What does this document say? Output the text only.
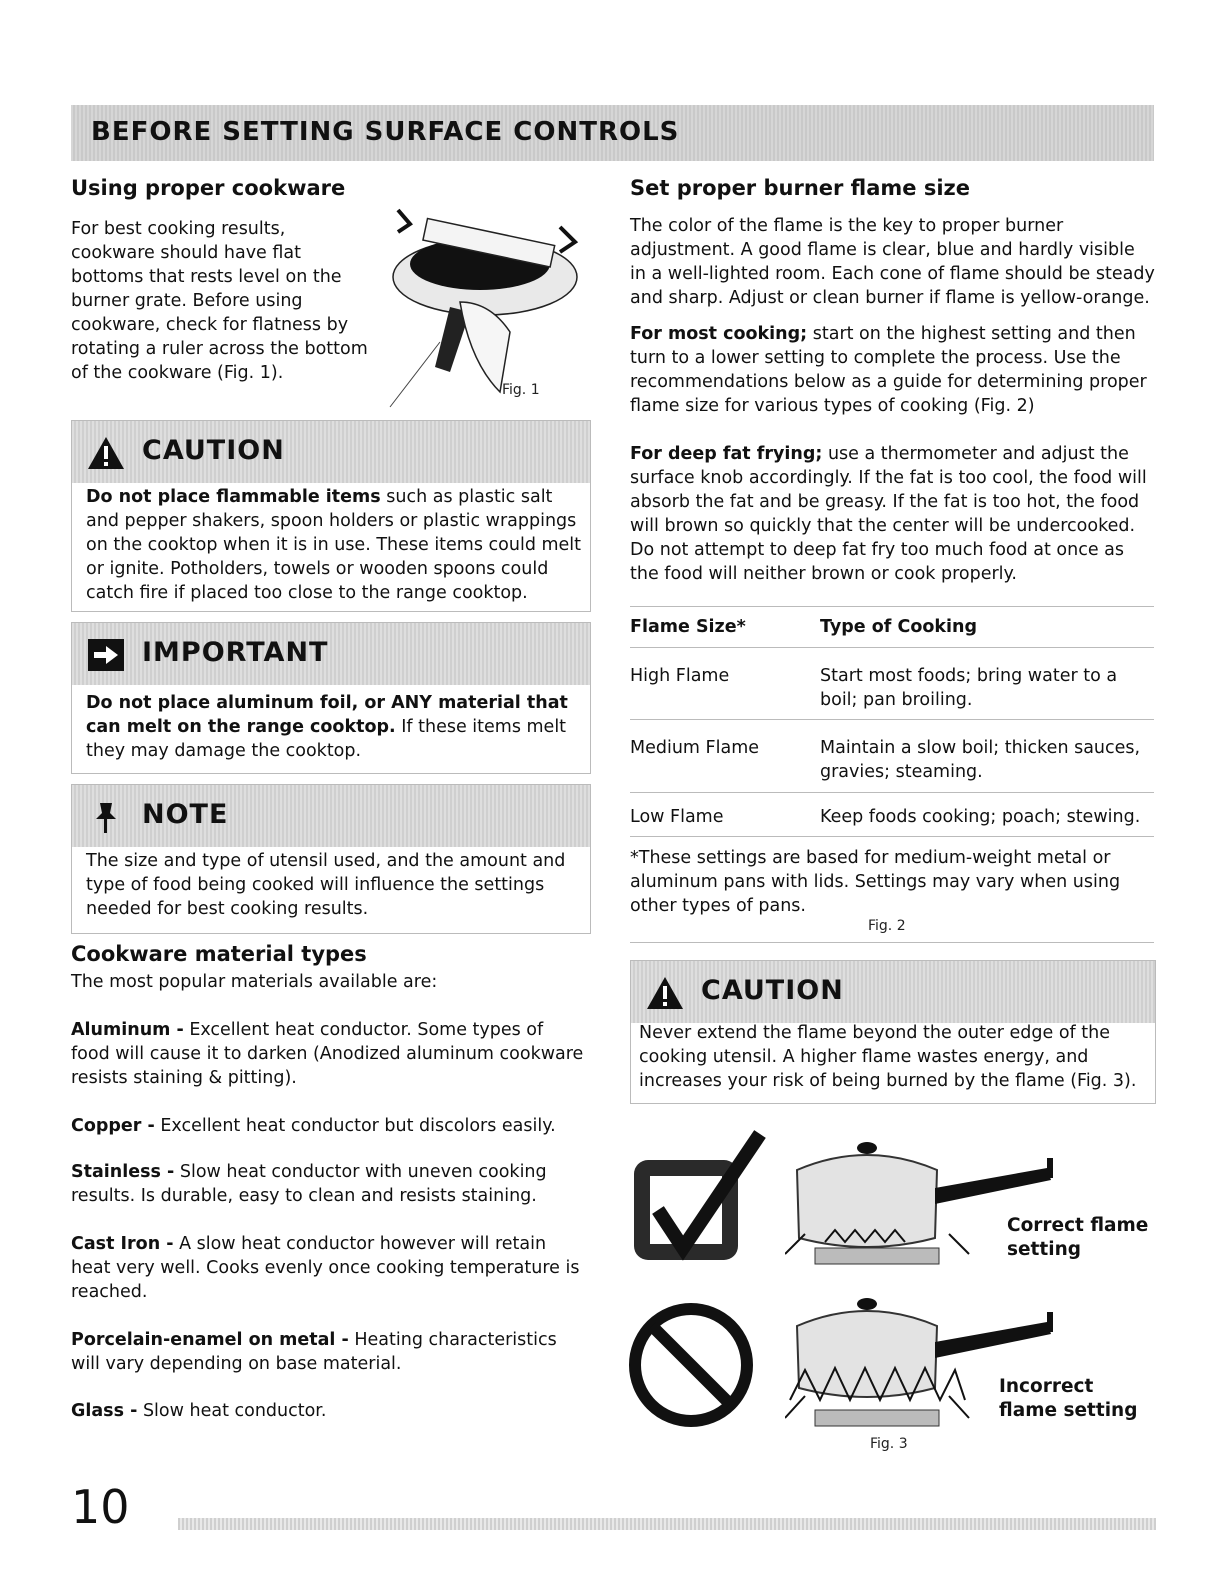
BEFORE SETTING SURFACE CONTROLS
Using proper cookware

For best cooking results, cookware should have flat bottoms that rests level on the burner grate. Before using cookware, check for flatness by rotating a ruler across the bottom of the cookware (Fig. 1).

Fig. 1
CAUTION

Do not place flammable items such as plastic salt and pepper shakers, spoon holders or plastic wrappings on the cooktop when it is in use. These items could melt or ignite. Potholders, towels or wooden spoons could catch fire if placed too close to the range cooktop.

IMPORTANT

Do not place aluminum foil, or ANY material that can melt on the range cooktop. If these items melt they may damage the cooktop.

NOTE

The size and type of utensil used, and the amount and type of food being cooked will influence the settings needed for best cooking results.

Cookware material types

The most popular materials available are:

Aluminum - Excellent heat conductor. Some types of food will cause it to darken (Anodized aluminum cookware resists staining & pitting).

Copper - Excellent heat conductor but discolors easily.

Stainless - Slow heat conductor with uneven cooking results. Is durable, easy to clean and resists staining.

Cast Iron - A slow heat conductor however will retain heat very well. Cooks evenly once cooking temperature is reached.

Porcelain-enamel on metal - Heating characteristics will vary depending on base material.

Glass - Slow heat conductor.

Set proper burner flame size

The color of the flame is the key to proper burner adjustment. A good flame is clear, blue and hardly visible in a well-lighted room. Each cone of flame should be steady and sharp. Adjust or clean burner if flame is yellow-orange.

For most cooking; start on the highest setting and then turn to a lower setting to complete the process. Use the recommendations below as a guide for determining proper flame size for various types of cooking (Fig. 2)

For deep fat frying; use a thermometer and adjust the surface knob accordingly. If the fat is too cool, the food will absorb the fat and be greasy. If the fat is too hot, the food will brown so quickly that the center will be undercooked. Do not attempt to deep fat fry too much food at once as the food will neither brown or cook properly.

Flame Size*	Type of Cooking
High Flame	Start most foods; bring water to a boil; pan broiling.
Medium Flame	Maintain a slow boil; thicken sauces, gravies; steaming.
Low Flame	Keep foods cooking; poach; stewing.

*These settings are based for medium-weight metal or aluminum pans with lids. Settings may vary when using other types of pans.

Fig. 2
CAUTION

Never extend the flame beyond the outer edge of the cooking utensil. A higher flame wastes energy, and increases your risk of being burned by the flame (Fig. 3).

Correct flame setting
Incorrect flame setting
Fig. 3
10
